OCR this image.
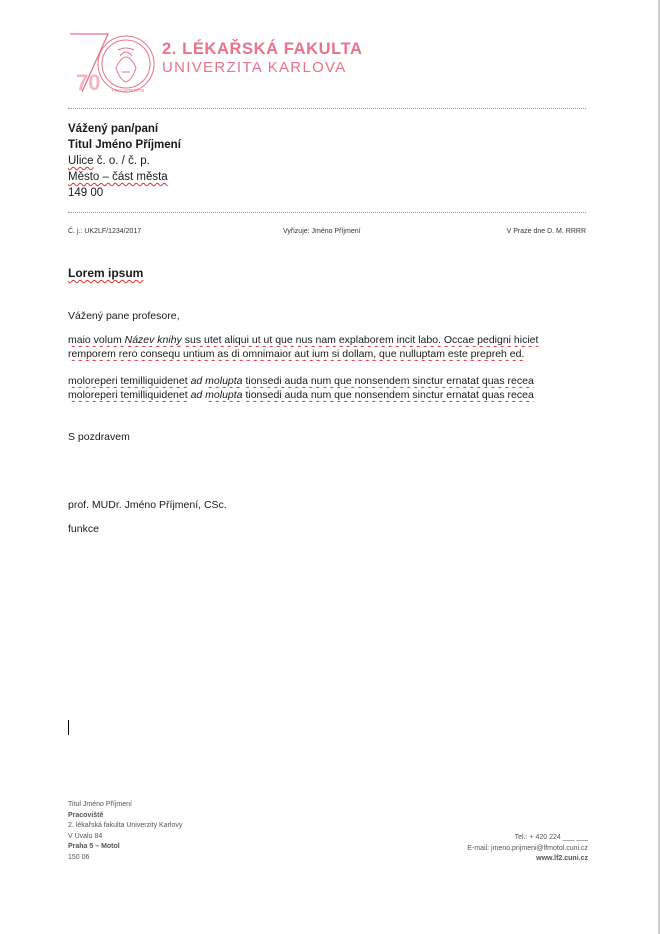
70	PRO VERITATE
2. LÉKAŘSKÁ FAKULTA
UNIVERZITA KARLOVA
Vážený pan/paní
Titul Jméno Příjmení
Ulice č. o. / č. p.
Město – část města
149 00
Č. j.: UK2LF/1234/2017	Vyřizuje: Jméno Příjmení	V Praze dne D. M. RRRR
Lorem ipsum
Vážený pane profesore,

maio volum Název knihy sus utet aliqui ut ut que nus nam explaborem incit labo. Occae pedigni hiciet

remporem rero consequ untium as di omnimaior aut ium si dollam, que nulluptam este prepreh ed.

moloreperi temilliquidenet ad molupta tionsedi auda num que nonsendem sinctur ernatat quas recea

moloreperi temilliquidenet ad molupta tionsedi auda num que nonsendem sinctur ernatat quas recea

S pozdravem
prof. MUDr. Jméno Příjmení, CSc.
funkce
Titul Jméno Příjmení
Pracoviště
2. lékařská fakulta Univerzity Karlovy
V Úvalu 84
Praha 5 – Motol
150 06
Tel.: + 420 224 ___ ___
E-mail: jmeno.prijmeni@lfmotol.cuni.cz
www.lf2.cuni.cz
